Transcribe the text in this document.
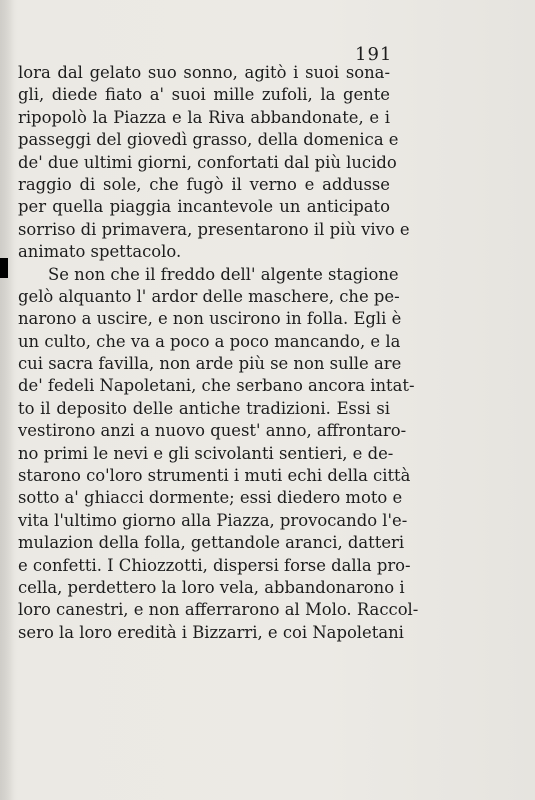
191
lora dal gelato suo sonno, agitò i suoi sona-
gli, diede fiato a' suoi mille zufoli, la gente
ripopolò la Piazza e la Riva abbandonate, e i
passeggi del giovedì grasso, della domenica e
de' due ultimi giorni, confortati dal più lucido
raggio di sole, che fugò il verno e addusse
per quella piaggia incantevole un anticipato
sorriso di primavera, presentarono il più vivo e
animato spettacolo.
Se non che il freddo dell' algente stagione
gelò alquanto l' ardor delle maschere, che pe-
narono a uscire, e non uscirono in folla. Egli è
un culto, che va a poco a poco mancando, e la
cui sacra favilla, non arde più se non sulle are
de' fedeli Napoletani, che serbano ancora intat-
to il deposito delle antiche tradizioni. Essi si
vestirono anzi a nuovo quest' anno, affrontaro-
no primi le nevi e gli scivolanti sentieri, e de-
starono co'loro strumenti i muti echi della città
sotto a' ghiacci dormente; essi diedero moto e
vita l'ultimo giorno alla Piazza, provocando l'e-
mulazion della folla, gettandole aranci, datteri
e confetti. I Chiozzotti, dispersi forse dalla pro-
cella, perdettero la loro vela, abbandonarono i
loro canestri, e non afferrarono al Molo. Raccol-
sero la loro eredità i Bizzarri, e coi Napoletani
